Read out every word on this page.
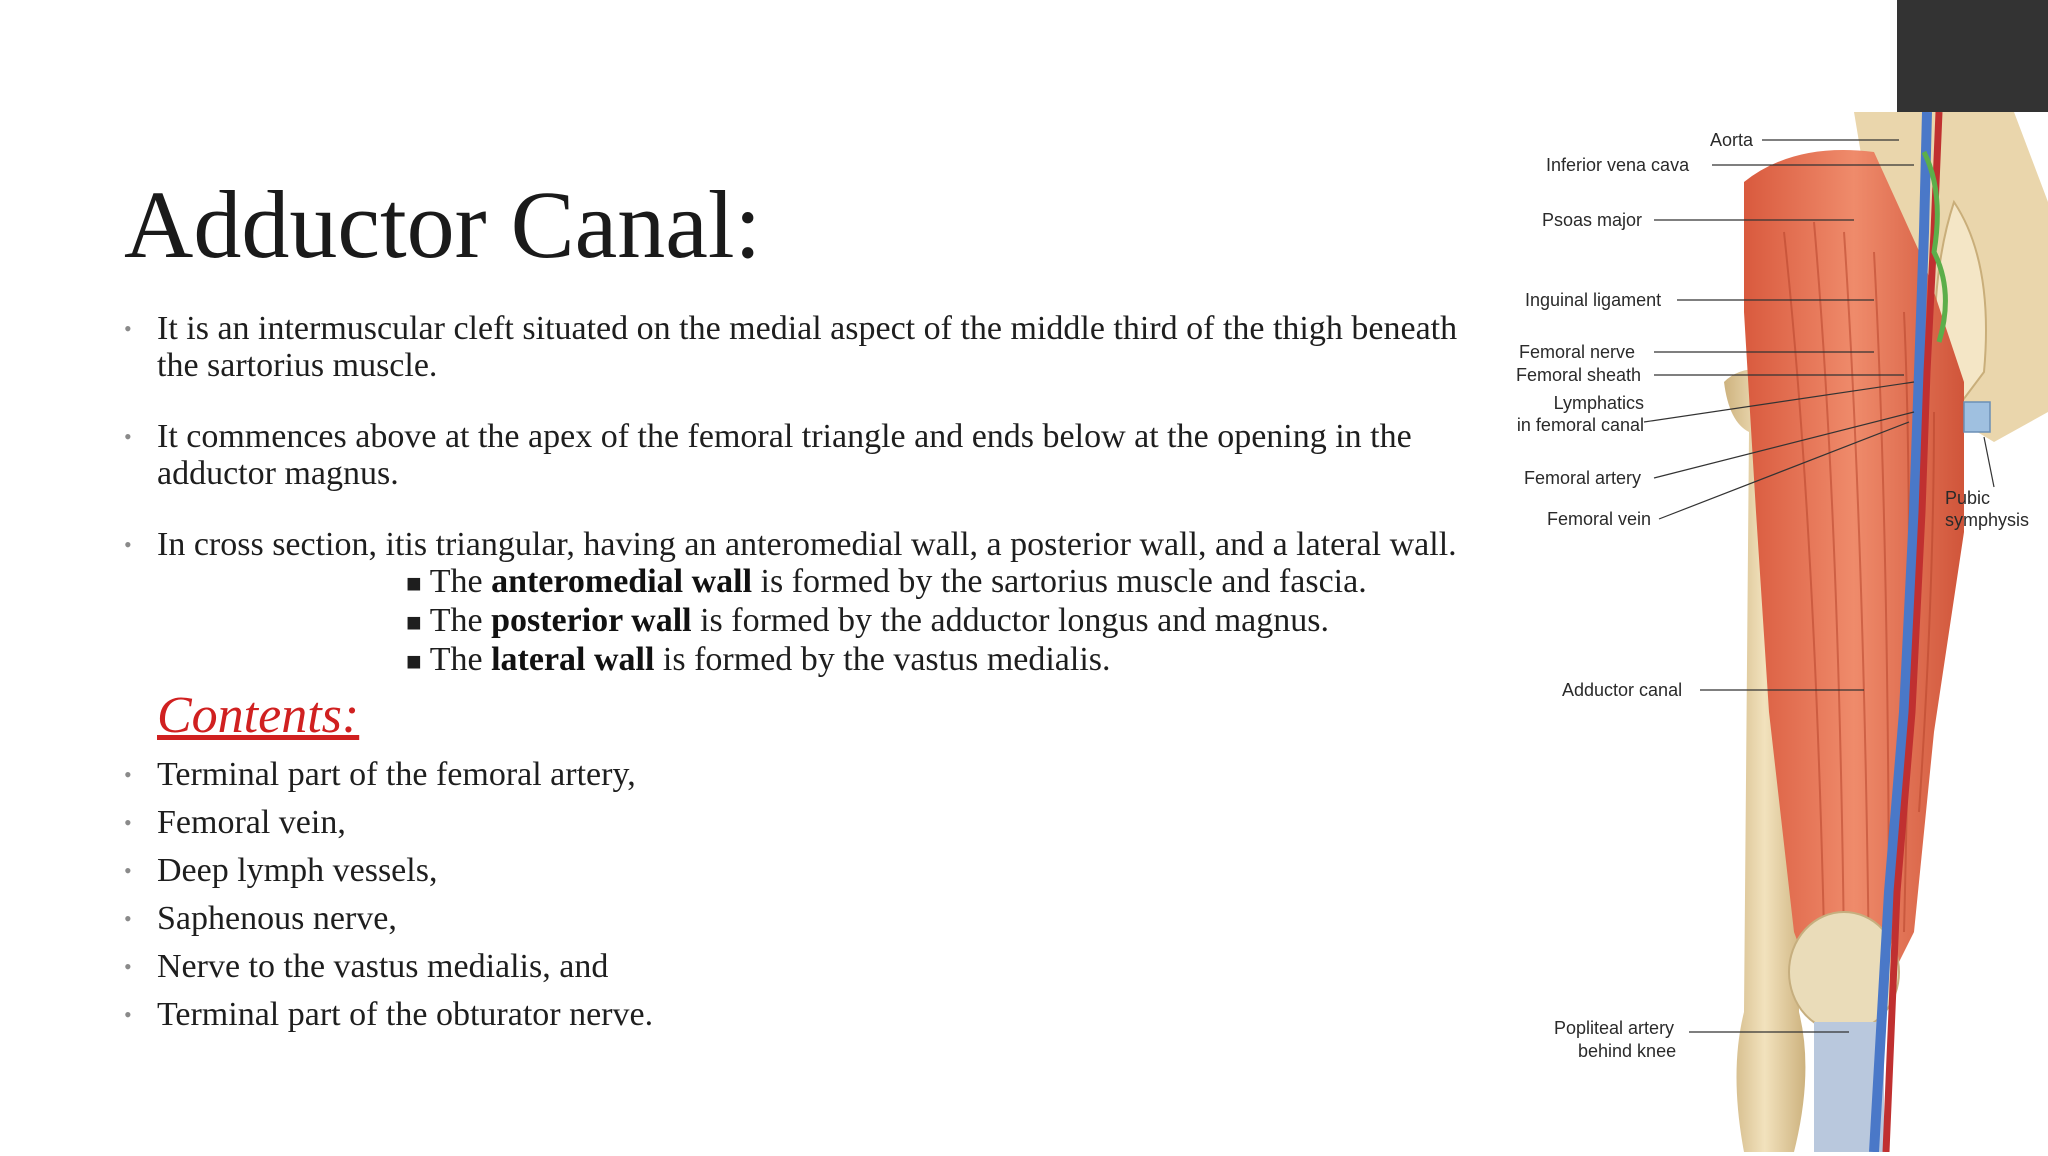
Adductor Canal:
• It is an intermuscular cleft situated on the medial aspect of the middle third of the thigh beneath the sartorius muscle.
• It commences above at the apex of the femoral triangle and ends below at the opening in the adductor magnus.
• In cross section, itis triangular, having an anteromedial wall, a posterior wall, and a lateral wall.
■ The anteromedial wall is formed by the sartorius muscle and fascia.
■ The posterior wall is formed by the adductor longus and magnus.
■ The lateral wall is formed by the vastus medialis.
Contents:
• Terminal part of the femoral artery,
• Femoral vein,
• Deep lymph vessels,
• Saphenous nerve,
• Nerve to the vastus medialis, and
• Terminal part of the obturator nerve.
Aorta
Inferior vena cava
Psoas major
Inguinal ligament
Femoral nerve
Femoral sheath
Lymphatics
in femoral canal
Femoral artery
Femoral vein
Pubic
symphysis
Adductor canal
Popliteal artery
behind knee
